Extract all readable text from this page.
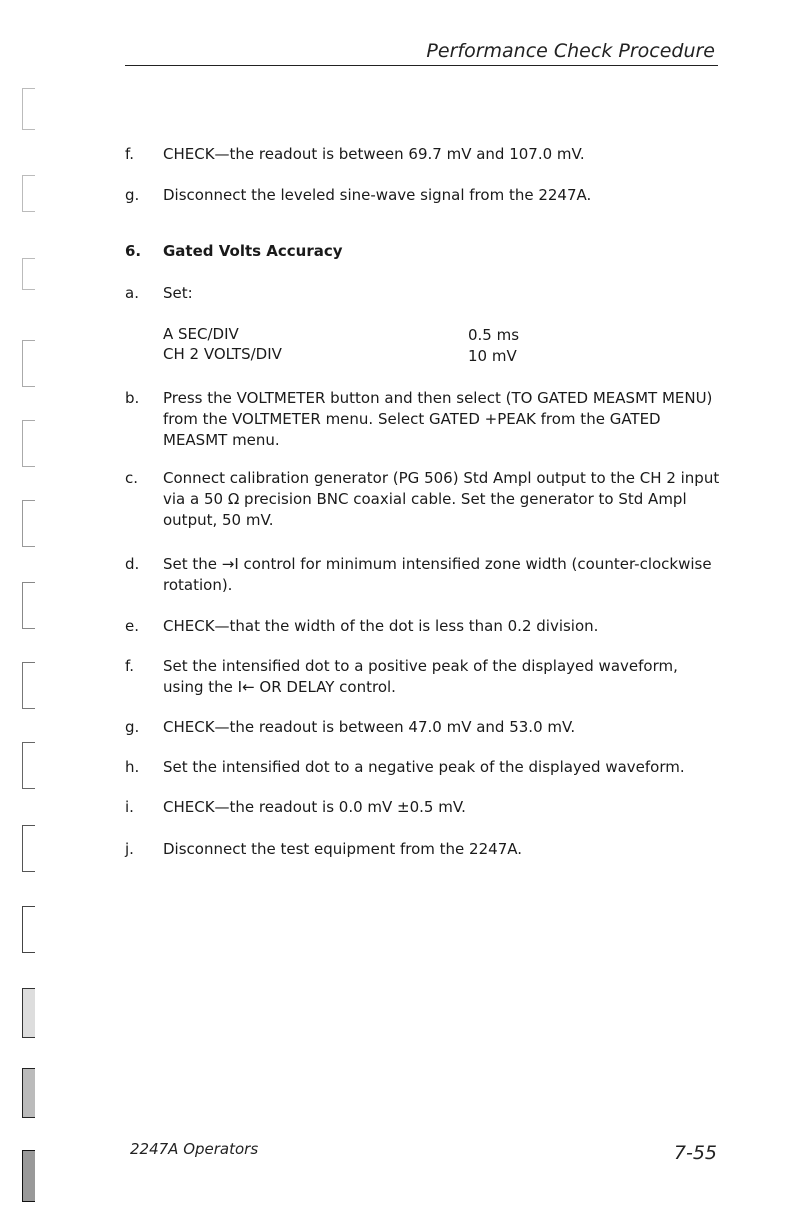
Performance Check Procedure
f. CHECK—the readout is between 69.7 mV and 107.0 mV.
g. Disconnect the leveled sine-wave signal from the 2247A.
6. Gated Volts Accuracy
a. Set:
A SEC/DIV	0.5 ms
CH 2 VOLTS/DIV	10 mV
b. Press the VOLTMETER button and then select (TO GATED MEASMT MENU) from the VOLTMETER menu. Select GATED +PEAK from the GATED MEASMT menu.
c. Connect calibration generator (PG 506) Std Ampl output to the CH 2 input via a 50 Ω precision BNC coaxial cable. Set the generator to Std Ampl output, 50 mV.
d. Set the →I control for minimum intensified zone width (counter-clockwise rotation).
e. CHECK—that the width of the dot is less than 0.2 division.
f. Set the intensified dot to a positive peak of the displayed waveform, using the I← OR DELAY control.
g. CHECK—the readout is between 47.0 mV and 53.0 mV.
h. Set the intensified dot to a negative peak of the displayed waveform.
i. CHECK—the readout is 0.0 mV ±0.5 mV.
j. Disconnect the test equipment from the 2247A.
2247A Operators	7-55
